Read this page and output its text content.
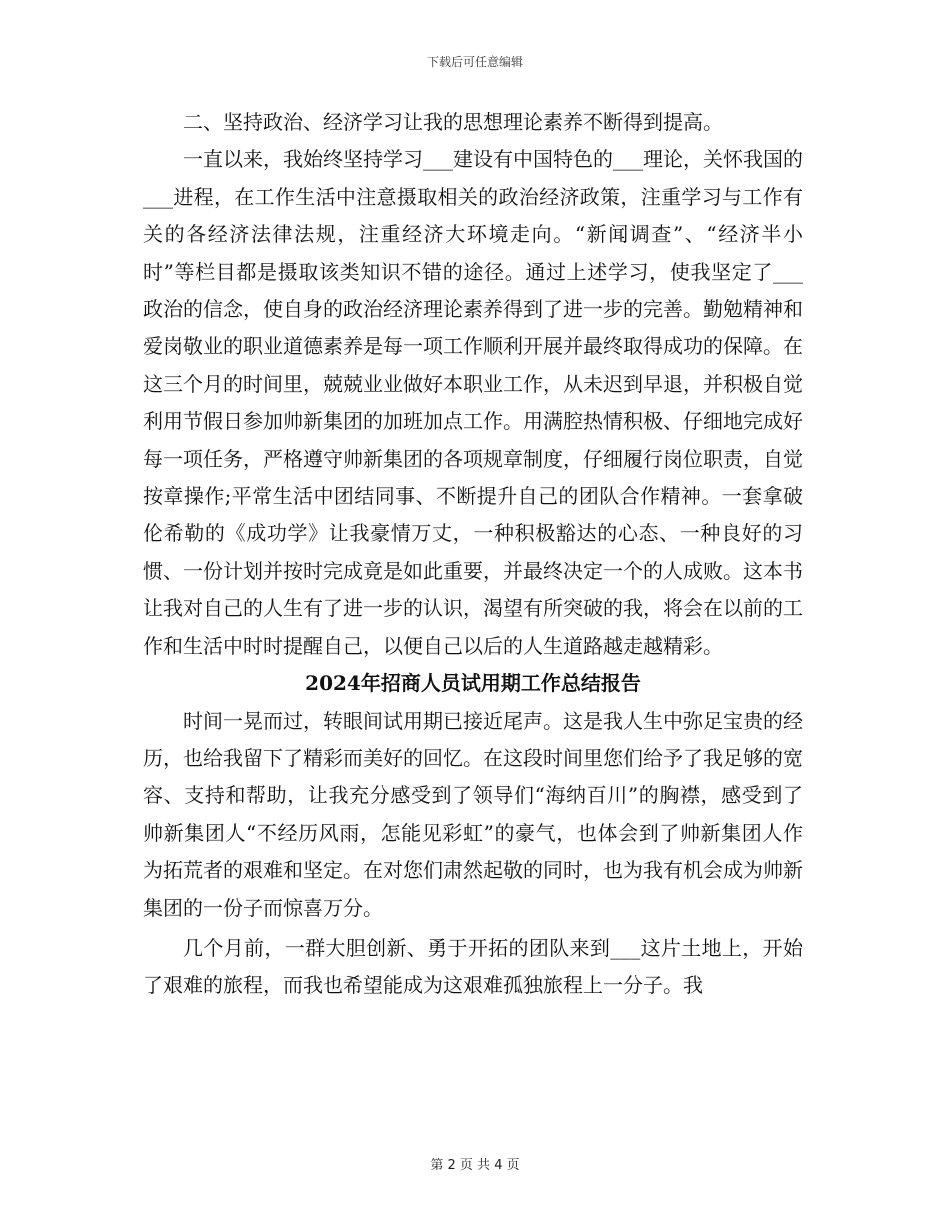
下载后可任意编辑

二、坚持政治、经济学习让我的思想理论素养不断得到提高。

一直以来，我始终坚持学习___建设有中国特色的___理论，关怀我国的___进程，在工作生活中注意摄取相关的政治经济政策，注重学习与工作有关的各经济法律法规，注重经济大环境走向。“新闻调查”、“经济半小时”等栏目都是摄取该类知识不错的途径。通过上述学习，使我坚定了___政治的信念，使自身的政治经济理论素养得到了进一步的完善。勤勉精神和爱岗敬业的职业道德素养是每一项工作顺利开展并最终取得成功的保障。在这三个月的时间里，兢兢业业做好本职业工作，从未迟到早退，并积极自觉利用节假日参加帅新集团的加班加点工作。用满腔热情积极、仔细地完成好每一项任务，严格遵守帅新集团的各项规章制度，仔细履行岗位职责，自觉按章操作;平常生活中团结同事、不断提升自己的团队合作精神。一套拿破伦希勒的《成功学》让我豪情万丈，一种积极豁达的心态、一种良好的习惯、一份计划并按时完成竟是如此重要，并最终决定一个的人成败。这本书让我对自己的人生有了进一步的认识，渴望有所突破的我，将会在以前的工作和生活中时时提醒自己，以便自己以后的人生道路越走越精彩。

2024年招商人员试用期工作总结报告

时间一晃而过，转眼间试用期已接近尾声。这是我人生中弥足宝贵的经历，也给我留下了精彩而美好的回忆。在这段时间里您们给予了我足够的宽容、支持和帮助，让我充分感受到了领导们“海纳百川”的胸襟，感受到了帅新集团人“不经历风雨，怎能见彩虹”的豪气，也体会到了帅新集团人作为拓荒者的艰难和坚定。在对您们肃然起敬的同时，也为我有机会成为帅新集团的一份子而惊喜万分。

几个月前，一群大胆创新、勇于开拓的团队来到___这片土地上，开始了艰难的旅程，而我也希望能成为这艰难孤独旅程上一分子。我

第 2 页 共 4 页
